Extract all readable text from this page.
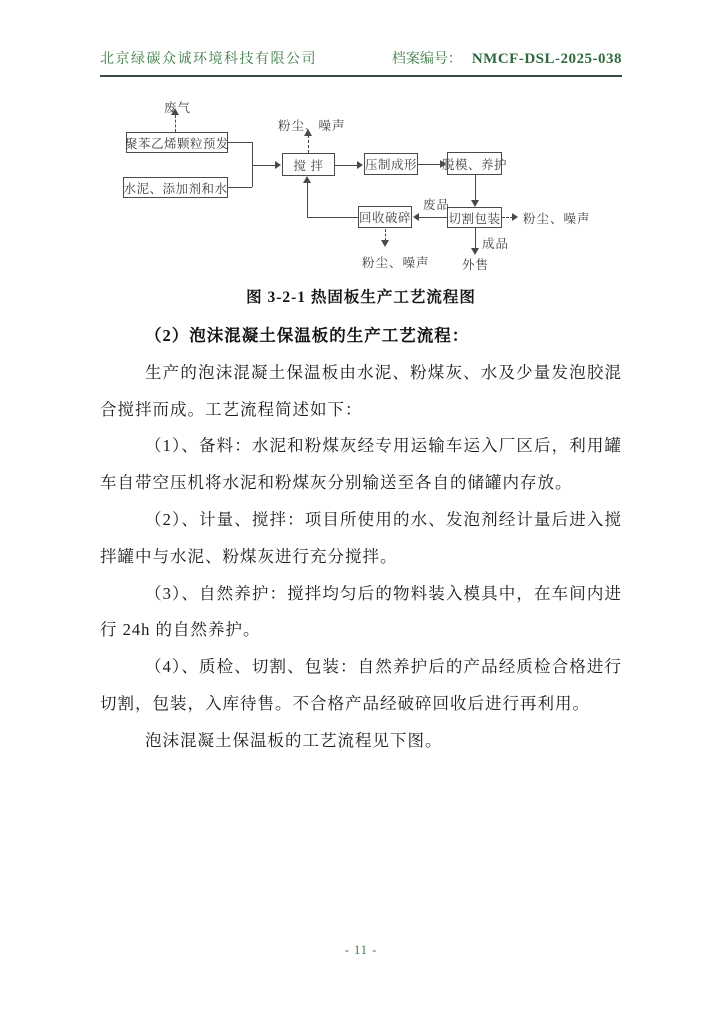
北京绿碳众诚环境科技有限公司	档案编号： NMCF-DSL-2025-038
聚苯乙烯颗粒预发
水泥、添加剂和水
搅 拌	压制成形 脱模、养护
回收破碎	切割包装
废气
粉尘、噪声
废品
粉尘、噪声
成品
粉尘、噪声	外售
图 3-2-1 热固板生产工艺流程图

（2）泡沫混凝土保温板的生产工艺流程：

生产的泡沫混凝土保温板由水泥、粉煤灰、水及少量发泡胶混合搅拌而成。工艺流程简述如下：

（1）、备料：水泥和粉煤灰经专用运输车运入厂区后，利用罐车自带空压机将水泥和粉煤灰分别输送至各自的储罐内存放。

（2）、计量、搅拌：项目所使用的水、发泡剂经计量后进入搅拌罐中与水泥、粉煤灰进行充分搅拌。

（3）、自然养护：搅拌均匀后的物料装入模具中，在车间内进行 24h 的自然养护。

（4）、质检、切割、包装：自然养护后的产品经质检合格进行切割，包装，入库待售。不合格产品经破碎回收后进行再利用。

泡沫混凝土保温板的工艺流程见下图。

- 11 -
